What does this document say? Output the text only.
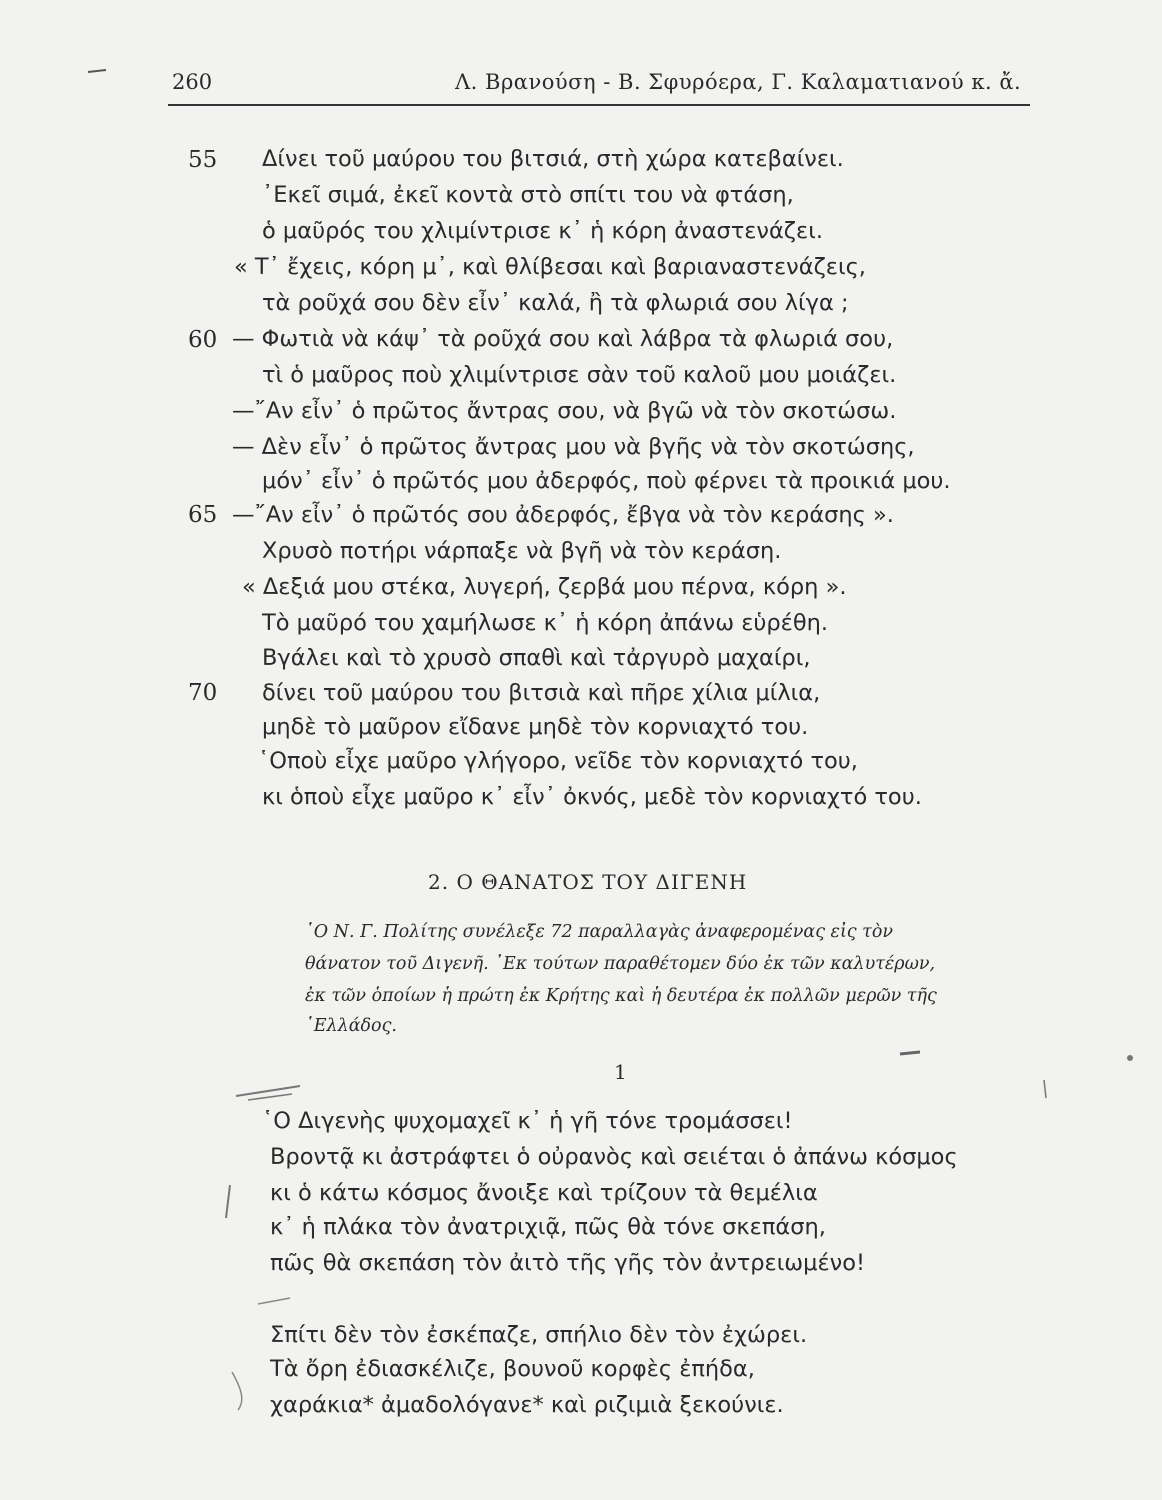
260	Λ. Βρανούση - Β. Σφυρόερα, Γ. Καλαματιανού κ. ἄ.
55
60
65
70
Δίνει τοῦ μαύρου του βιτσιά, στὴ χώρα κατεβαίνει.
᾿Εκεῖ σιμά, ἐκεῖ κοντὰ στὸ σπίτι του νὰ φτάση,
ὁ μαῦρός του χλιμίντρισε κ᾿ ἡ κόρη ἀναστενάζει.
« Τ᾿ ἔχεις, κόρη μ᾿, καὶ θλίβεσαι καὶ βαριαναστενάζεις,
τὰ ροῦχά σου δὲν εἶν᾿ καλά, ἢ τὰ φλωριά σου λίγα ;
— Φωτιὰ νὰ κάψ᾿ τὰ ροῦχά σου καὶ λάβρα τὰ φλωριά σου,
τὶ ὁ μαῦρος ποὺ χλιμίντρισε σὰν τοῦ καλοῦ μου μοιάζει.
—῎Αν εἶν᾿ ὁ πρῶτος ἄντρας σου, νὰ βγῶ νὰ τὸν σκοτώσω.
— Δὲν εἶν᾿ ὁ πρῶτος ἄντρας μου νὰ βγῆς νὰ τὸν σκοτώσης,
μόν᾿ εἶν᾿ ὁ πρῶτός μου ἀδερφός, ποὺ φέρνει τὰ προικιά μου.
—῎Αν εἶν᾿ ὁ πρῶτός σου ἀδερφός, ἔβγα νὰ τὸν κεράσης ».
Χρυσὸ ποτήρι νάρπαξε νὰ βγῆ νὰ τὸν κεράση.
« Δεξιά μου στέκα, λυγερή, ζερβά μου πέρνα, κόρη ».
Τὸ μαῦρό του χαμήλωσε κ᾿ ἡ κόρη ἀπάνω εὑρέθη.
Βγάλει καὶ τὸ χρυσὸ σπαθὶ καὶ τἀργυρὸ μαχαίρι,
δίνει τοῦ μαύρου του βιτσιὰ καὶ πῆρε χίλια μίλια,
μηδὲ τὸ μαῦρον εἴδανε μηδὲ τὸν κορνιαχτό του.
῾Οποὺ εἶχε μαῦρο γλήγορο, νεῖδε τὸν κορνιαχτό του,
κι ὁποὺ εἶχε μαῦρο κ᾿ εἶν᾿ ὀκνός, μεδὲ τὸν κορνιαχτό του.
2. Ο ΘΑΝΑΤΟΣ ΤΟΥ ΔΙΓΕΝΗ
῾Ο Ν. Γ. Πολίτης συνέλεξε 72 παραλλαγὰς ἀναφερομένας εἰς τὸν
θάνατον τοῦ Διγενῆ. ᾿Εκ τούτων παραθέτομεν δύο ἐκ τῶν καλυτέρων,
ἐκ τῶν ὁποίων ἡ πρώτη ἐκ Κρήτης καὶ ἡ δευτέρα ἐκ πολλῶν μερῶν τῆς
῾Ελλάδος.
1
῾Ο Διγενὴς ψυχομαχεῖ κ᾿ ἡ γῆ τόνε τρομάσσει!
Βροντᾷ κι ἀστράφτει ὁ οὐρανὸς καὶ σειέται ὁ ἀπάνω κόσμος
κι ὁ κάτω κόσμος ἄνοιξε καὶ τρίζουν τὰ θεμέλια
κ᾿ ἡ πλάκα τὸν ἀνατριχιᾷ, πῶς θὰ τόνε σκεπάση,
πῶς θὰ σκεπάση τὸν ἀιτὸ τῆς γῆς τὸν ἀντρειωμένο!
Σπίτι δὲν τὸν ἐσκέπαζε, σπήλιο δὲν τὸν ἐχώρει.
Τὰ ὄρη ἐδιασκέλιζε, βουνοῦ κορφὲς ἐπήδα,
χαράκια* ἀμαδολόγανε* καὶ ριζιμιὰ ξεκούνιε.
